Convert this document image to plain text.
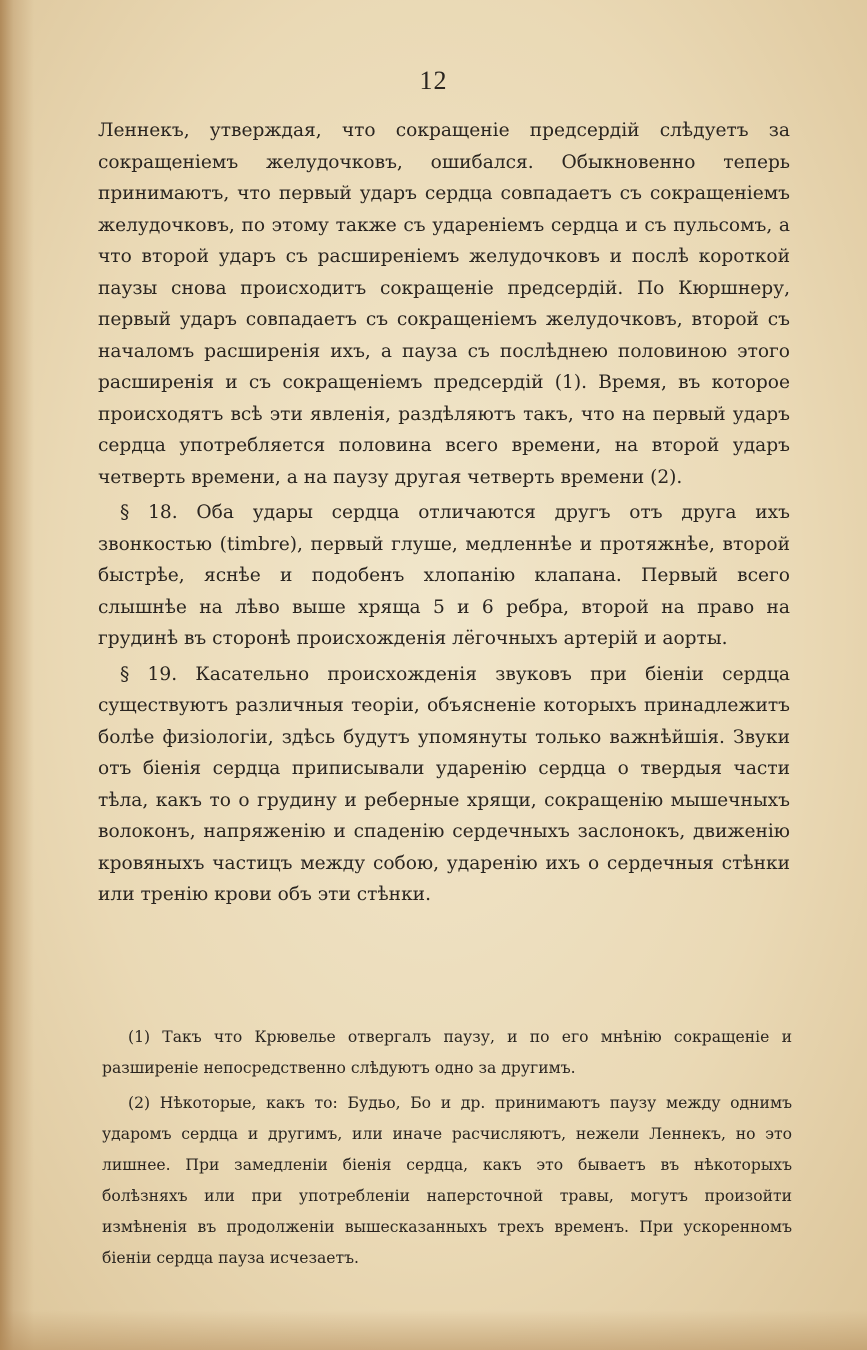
12

Леннекъ, утверждая, что сокращеніе предсердій слѣдуетъ за сокращеніемъ желудочковъ, ошибался. Обыкновенно теперь принимаютъ, что первый ударъ сердца совпадаетъ съ сокращеніемъ желудочковъ, по этому также съ удареніемъ сердца и съ пульсомъ, а что второй ударъ съ расширеніемъ желудочковъ и послѣ короткой паузы снова происходитъ сокращеніе предсердій. По Кюршнеру, первый ударъ совпадаетъ съ сокращеніемъ желудочковъ, второй съ началомъ расширенія ихъ, а пауза съ послѣднею половиною этого расширенія и съ сокращеніемъ предсердій (1). Время, въ которое происходятъ всѣ эти явленія, раздѣляютъ такъ, что на первый ударъ сердца употребляется половина всего времени, на второй ударъ четверть времени, а на паузу другая четверть времени (2).

§ 18. Оба удары сердца отличаются другъ отъ друга ихъ звонкостью (timbre), первый глуше, медленнѣе и протяжнѣе, второй быстрѣе, яснѣе и подобенъ хлопанію клапана. Первый всего слышнѣе на лѣво выше хряща 5 и 6 ребра, второй на право на грудинѣ въ сторонѣ происхожденія лёгочныхъ артерій и аорты.

§ 19. Касательно происхожденія звуковъ при біеніи сердца существуютъ различныя теоріи, объясненіе которыхъ принадлежитъ болѣе физіологіи, здѣсь будутъ упомянуты только важнѣйшія. Звуки отъ біенія сердца приписывали ударенію сердца о твердыя части тѣла, какъ то о грудину и реберные хрящи, сокращенію мышечныхъ волоконъ, напряженію и спаденію сердечныхъ заслонокъ, движенію кровяныхъ частицъ между собою, ударенію ихъ о сердечныя стѣнки или тренію крови объ эти стѣнки.

(1) Такъ что Крювелье отвергалъ паузу, и по его мнѣнію сокращеніе и разширеніе непосредственно слѣдуютъ одно за другимъ.

(2) Нѣкоторые, какъ то: Будьо, Бо и др. принимаютъ паузу между однимъ ударомъ сердца и другимъ, или иначе расчисляютъ, нежели Леннекъ, но это лишнее. При замедленіи біенія сердца, какъ это бываетъ въ нѣкоторыхъ болѣзняхъ или при употребленіи наперсточной травы, могутъ произойти измѣненія въ продолженіи вышесказанныхъ трехъ временъ. При ускоренномъ біеніи сердца пауза исчезаетъ.
